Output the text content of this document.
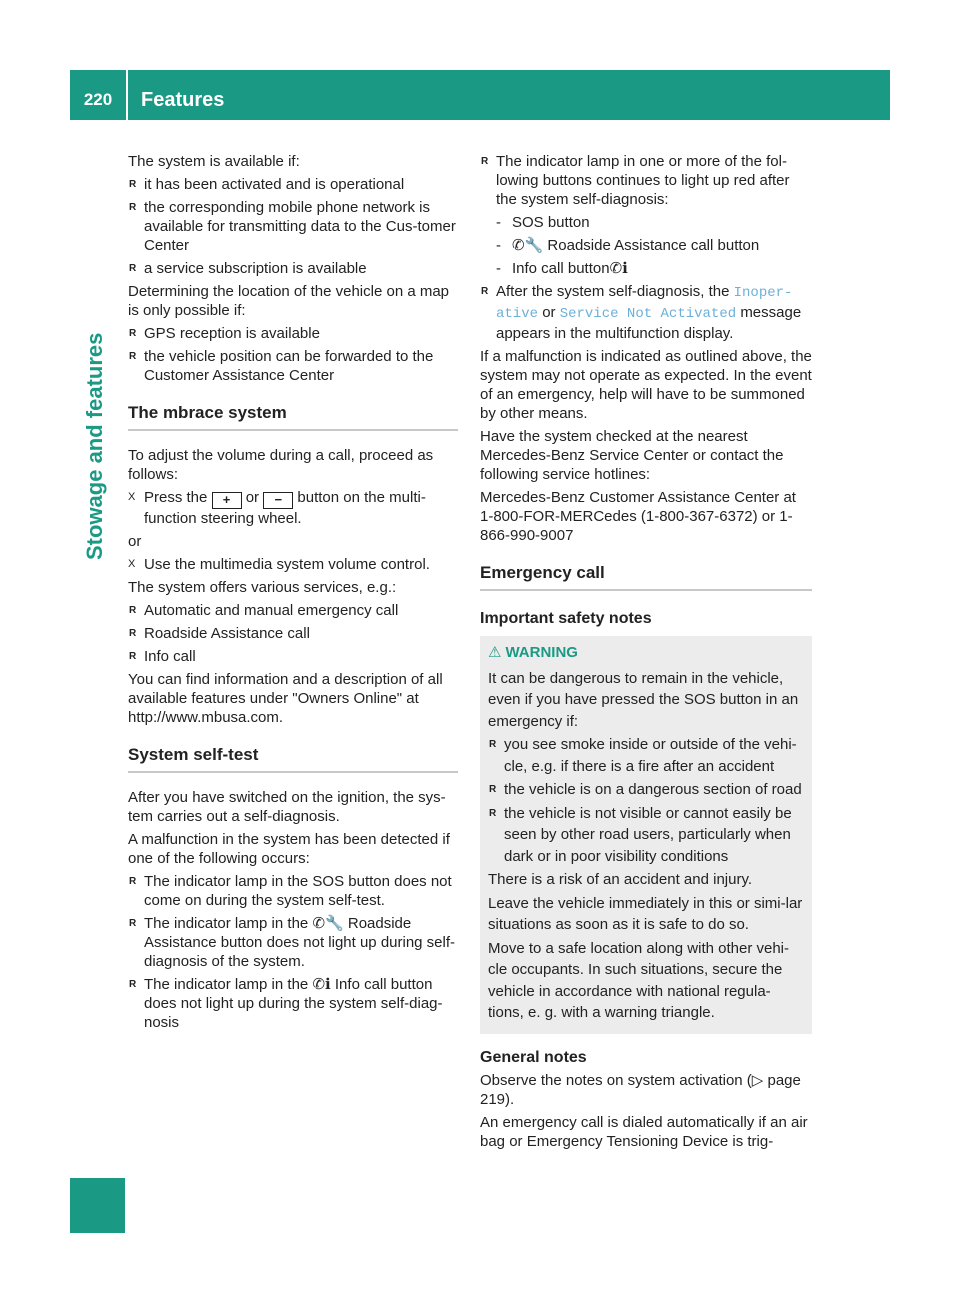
220	Features
Stowage and features
The system is available if:
R it has been activated and is operational
R the corresponding mobile phone network is available for transmitting data to the Cus-tomer Center
R a service subscription is available
Determining the location of the vehicle on a map is only possible if:
R GPS reception is available
R the vehicle position can be forwarded to the Customer Assistance Center
The mbrace system
To adjust the volume during a call, proceed as follows:
X Press the + or − button on the multi-function steering wheel.
or
X Use the multimedia system volume control.
The system offers various services, e.g.:
R Automatic and manual emergency call
R Roadside Assistance call
R Info call
You can find information and a description of all available features under "Owners Online" at http://www.mbusa.com.
System self-test
After you have switched on the ignition, the sys-tem carries out a self-diagnosis.
A malfunction in the system has been detected if one of the following occurs:
R The indicator lamp in the SOS button does not come on during the system self-test.
R The indicator lamp in the ✆🔧 Roadside Assistance button does not light up during self-diagnosis of the system.
R The indicator lamp in the ✆ℹ Info call button does not light up during the system self-diag-nosis
R The indicator lamp in one or more of the fol-lowing buttons continues to light up red after the system self-diagnosis:
- SOS button
- ✆🔧 Roadside Assistance call button
- Info call button✆ℹ
R After the system self-diagnosis, the Inoper-ative or Service Not Activated message appears in the multifunction display.
If a malfunction is indicated as outlined above, the system may not operate as expected. In the event of an emergency, help will have to be summoned by other means.
Have the system checked at the nearest Mercedes-Benz Service Center or contact the following service hotlines:
Mercedes-Benz Customer Assistance Center at 1-800-FOR-MERCedes (1-800-367-6372) or 1-866-990-9007
Emergency call
Important safety notes
⚠ WARNING
It can be dangerous to remain in the vehicle, even if you have pressed the SOS button in an emergency if:
R you see smoke inside or outside of the vehi-cle, e.g. if there is a fire after an accident
R the vehicle is on a dangerous section of road
R the vehicle is not visible or cannot easily be seen by other road users, particularly when dark or in poor visibility conditions
There is a risk of an accident and injury.
Leave the vehicle immediately in this or simi-lar situations as soon as it is safe to do so.
Move to a safe location along with other vehi-cle occupants. In such situations, secure the vehicle in accordance with national regula-tions, e. g. with a warning triangle.
General notes
Observe the notes on system activation (▷ page 219).
An emergency call is dialed automatically if an air bag or Emergency Tensioning Device is trig-
